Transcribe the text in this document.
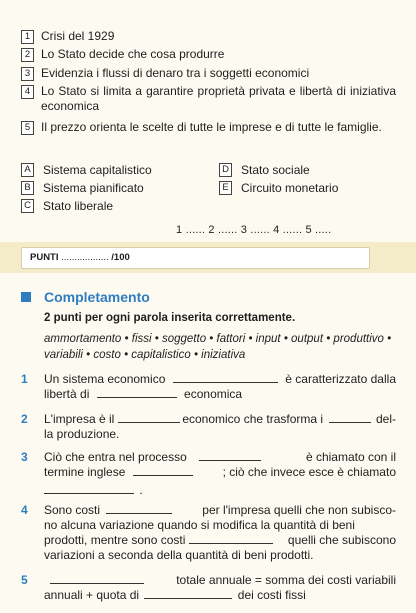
1 Crisi del 1929
2 Lo Stato decide che cosa produrre
3 Evidenzia i flussi di denaro tra i soggetti economici
4 Lo Stato si limita a garantire proprietà privata e libertà di iniziativa economica
5 Il prezzo orienta le scelte di tutte le imprese e di tutte le famiglie.
A Sistema capitalistico
B Sistema pianificato
C Stato liberale
D Stato sociale
E Circuito monetario
1 ...... 2 ...... 3 ...... 4 ...... 5 .....
PUNTI .................. /100
Completamento
2 punti per ogni parola inserita correttamente.
ammortamento • fissi • soggetto • fattori • input • output • produttivo • variabili • costo • capitalistico • iniziativa
1 Un sistema economico	è caratterizzato dalla
libertà di	economica
2 L'impresa è il	economico che trasforma i	del-
la produzione.
3 Ciò che entra nel processo	è chiamato con il
termine inglese	; ciò che invece esce è chiamato
.
4 Sono costi	per l'impresa quelli che non subisco-
no alcuna variazione quando si modifica la quantità di beni
prodotti, mentre sono costi	quelli che subiscono
variazioni a seconda della quantità di beni prodotti.
5	totale annuale = somma dei costi variabili
annuali + quota di	dei costi fissi
